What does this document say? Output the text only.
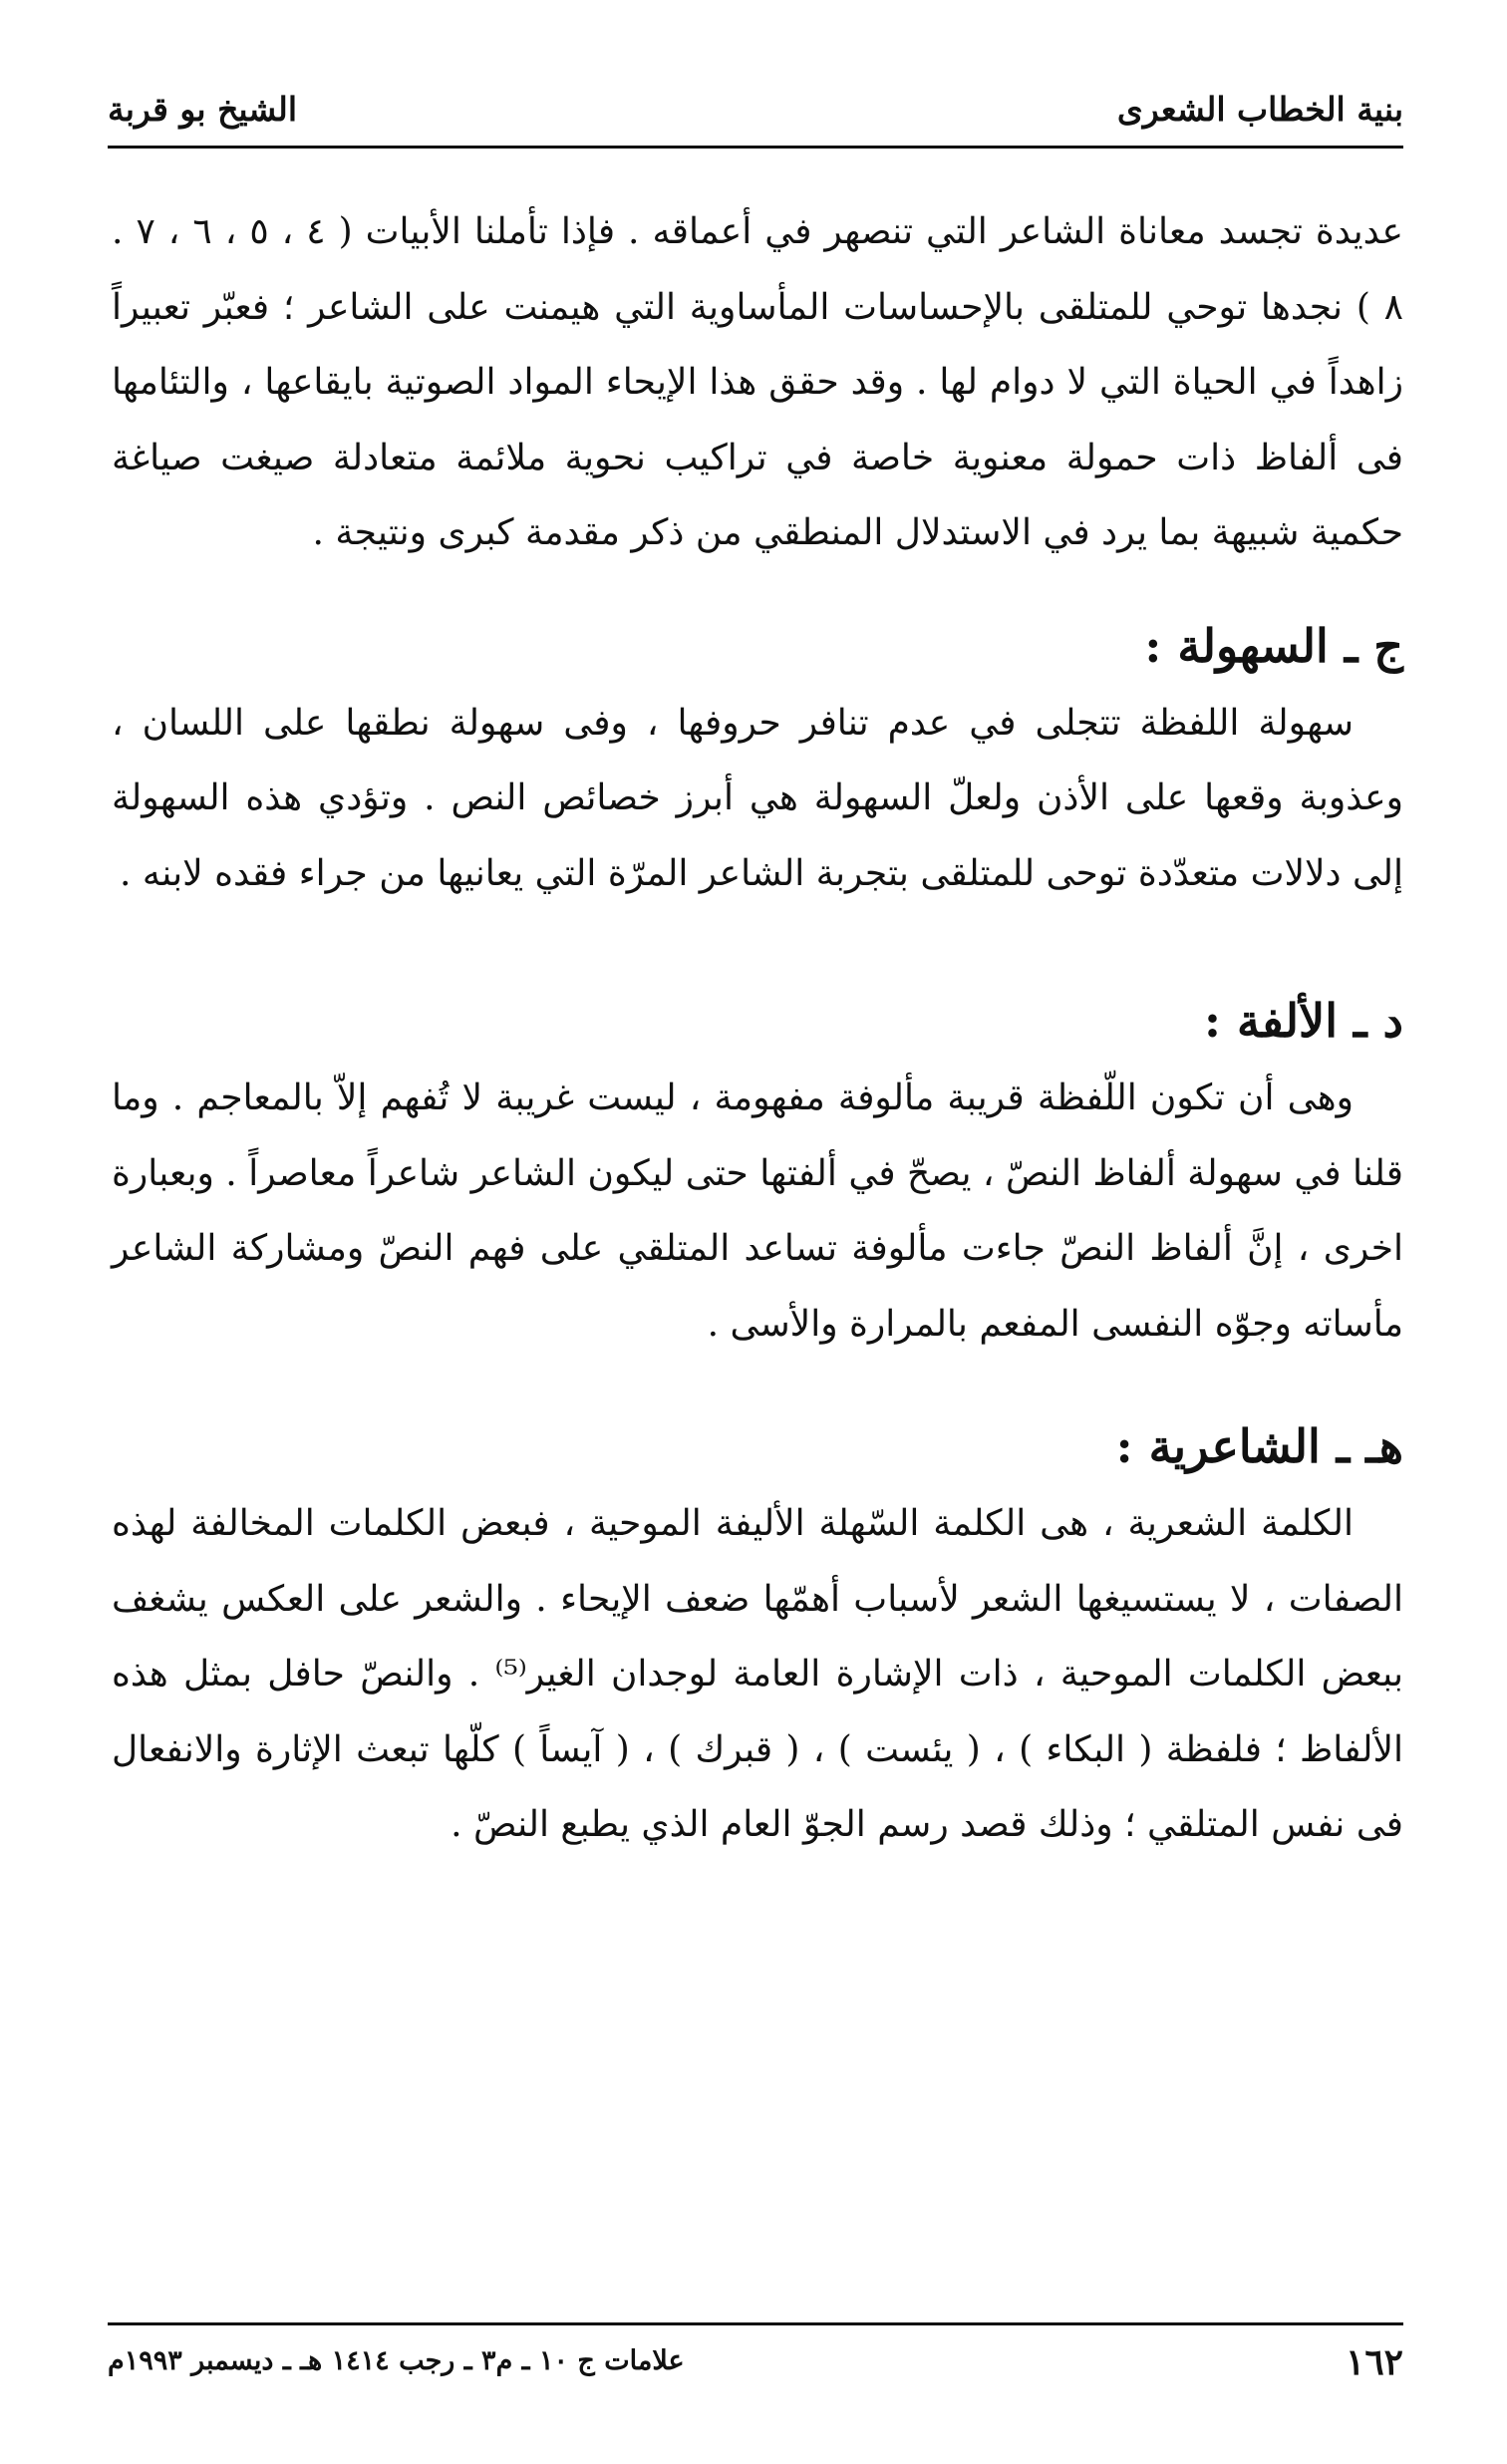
بنية الخطاب الشعرى
الشيخ بو قربة

عديدة تجسد معاناة الشاعر التي تنصهر في أعماقه . فإذا تأملنا الأبيات ( ٤ ، ٥ ، ٦ ، ٧ . ٨ ) نجدها توحي للمتلقى بالإحساسات المأساوية التي هيمنت على الشاعر ؛ فعبّر تعبيراً زاهداً في الحياة التي لا دوام لها . وقد حقق هذا الإيحاء المواد الصوتية بايقاعها ، والتئامها فى ألفاظ ذات حمولة معنوية خاصة في تراكيب نحوية ملائمة متعادلة صيغت صياغة حكمية شبيهة بما يرد في الاستدلال المنطقي من ذكر مقدمة كبرى ونتيجة .

ج ـ السهولة :

سهولة اللفظة تتجلى في عدم تنافر حروفها ، وفى سهولة نطقها على اللسان ، وعذوبة وقعها على الأذن ولعلّ السهولة هي أبرز خصائص النص . وتؤدي هذه السهولة إلى دلالات متعدّدة توحى للمتلقى بتجربة الشاعر المرّة التي يعانيها من جراء فقده لابنه .

د ـ الألفة :

وهى أن تكون اللّفظة قريبة مألوفة مفهومة ، ليست غريبة لا تُفهم إلاّ بالمعاجم . وما قلنا في سهولة ألفاظ النصّ ، يصحّ في ألفتها حتى ليكون الشاعر شاعراً معاصراً . وبعبارة اخرى ، إنَّ ألفاظ النصّ جاءت مألوفة تساعد المتلقي على فهم النصّ ومشاركة الشاعر مأساته وجوّه النفسى المفعم بالمرارة والأسى .

هـ ـ الشاعرية :

الكلمة الشعرية ، هى الكلمة السّهلة الأليفة الموحية ، فبعض الكلمات المخالفة لهذه الصفات ، لا يستسيغها الشعر لأسباب أهمّها ضعف الإيحاء . والشعر على العكس يشغف ببعض الكلمات الموحية ، ذات الإشارة العامة لوجدان الغير⁽⁵⁾ . والنصّ حافل بمثل هذه الألفاظ ؛ فلفظة ( البكاء ) ، ( يئست ) ، ( قبرك ) ، ( آيساً ) كلّها تبعث الإثارة والانفعال فى نفس المتلقي ؛ وذلك قصد رسم الجوّ العام الذي يطبع النصّ .

١٦٢
علامات ج ١٠ ـ م٣ ـ رجب ١٤١٤ هـ ـ ديسمبر ١٩٩٣م
